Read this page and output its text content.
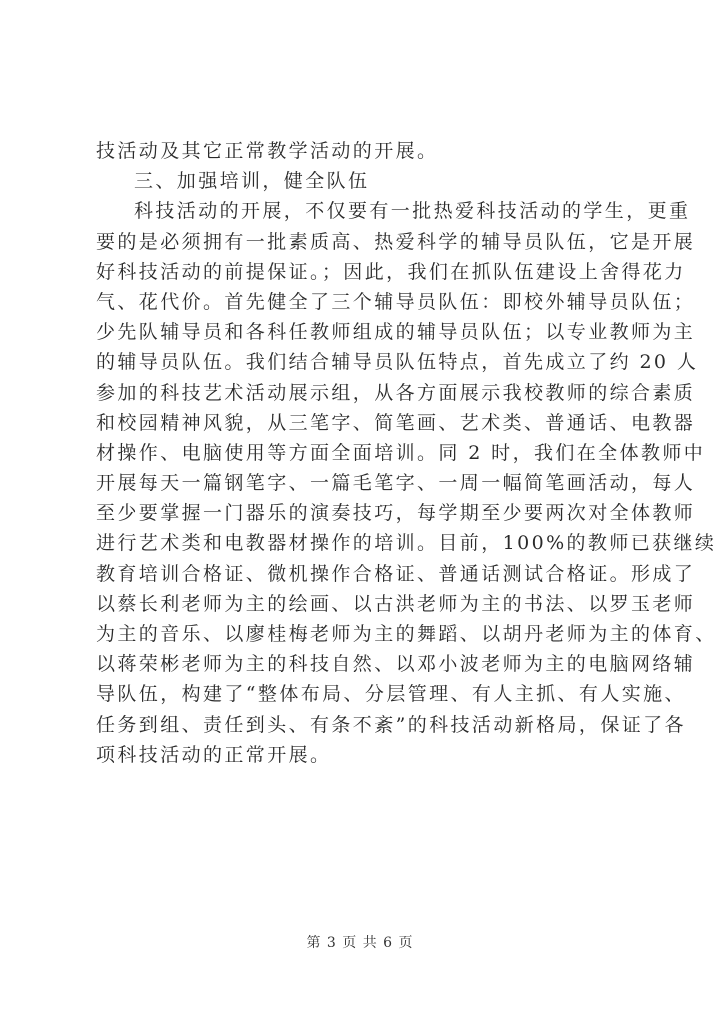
技活动及其它正常教学活动的开展。
三、加强培训，健全队伍
科技活动的开展，不仅要有一批热爱科技活动的学生，更重
要的是必须拥有一批素质高、热爱科学的辅导员队伍，它是开展
好科技活动的前提保证。；因此，我们在抓队伍建设上舍得花力
气、花代价。首先健全了三个辅导员队伍：即校外辅导员队伍；
少先队辅导员和各科任教师组成的辅导员队伍；以专业教师为主
的辅导员队伍。我们结合辅导员队伍特点，首先成立了约 20 人
参加的科技艺术活动展示组，从各方面展示我校教师的综合素质
和校园精神风貌，从三笔字、简笔画、艺术类、普通话、电教器
材操作、电脑使用等方面全面培训。同 2 时，我们在全体教师中
开展每天一篇钢笔字、一篇毛笔字、一周一幅简笔画活动，每人
至少要掌握一门器乐的演奏技巧，每学期至少要两次对全体教师
进行艺术类和电教器材操作的培训。目前，100%的教师已获继续
教育培训合格证、微机操作合格证、普通话测试合格证。形成了
以蔡长利老师为主的绘画、以古洪老师为主的书法、以罗玉老师
为主的音乐、以廖桂梅老师为主的舞蹈、以胡丹老师为主的体育、
以蒋荣彬老师为主的科技自然、以邓小波老师为主的电脑网络辅
导队伍，构建了“整体布局、分层管理、有人主抓、有人实施、
任务到组、责任到头、有条不紊”的科技活动新格局，保证了各
项科技活动的正常开展。
第 3 页 共 6 页
